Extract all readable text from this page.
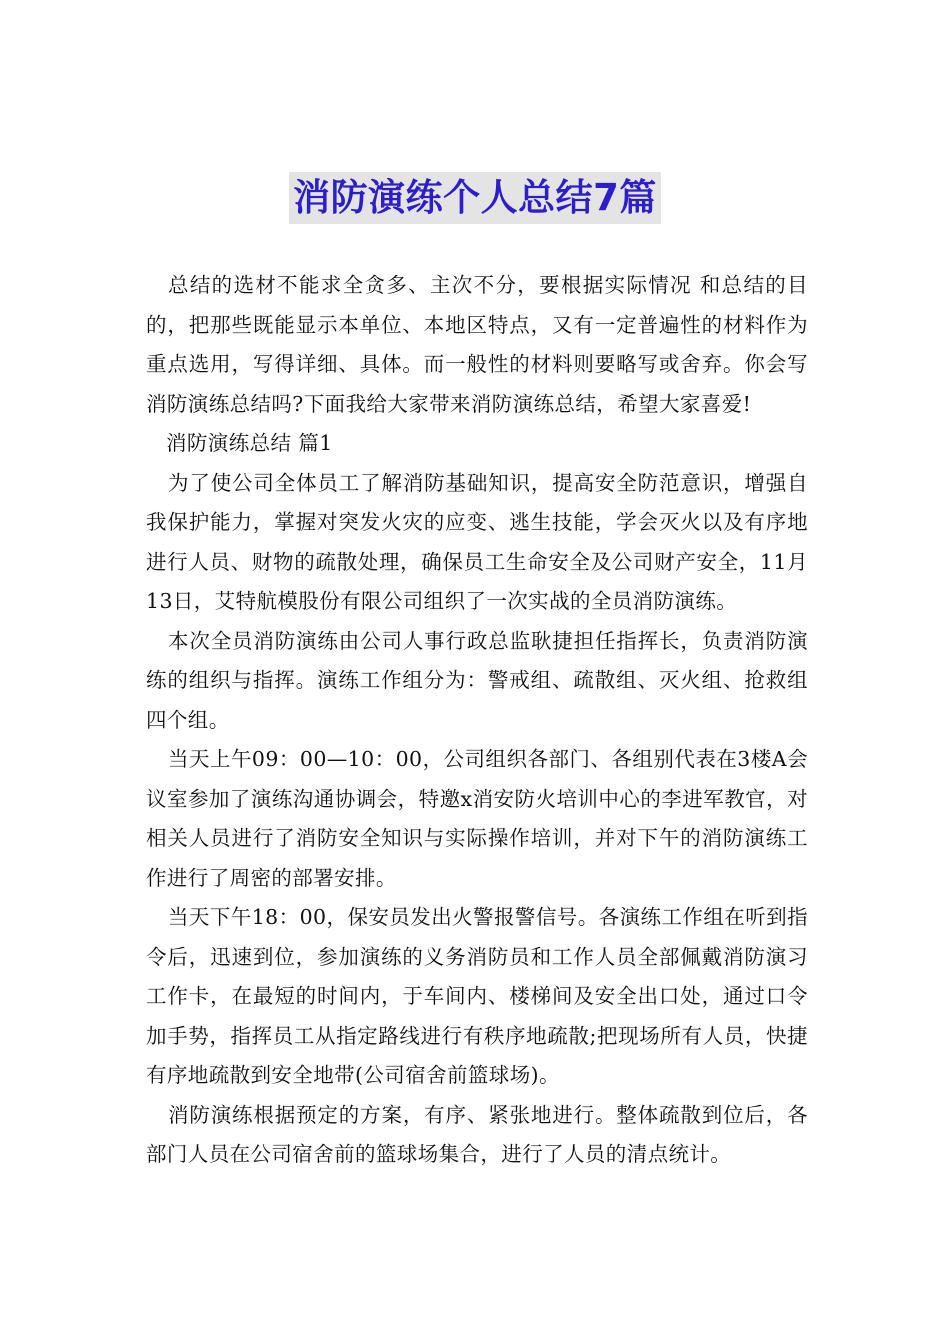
消防演练个人总结7篇

总结的选材不能求全贪多、主次不分，要根据实际情况 和总结的目的，把那些既能显示本单位、本地区特点，又有一定普遍性的材料作为重点选用，写得详细、具体。而一般性的材料则要略写或舍弃。你会写消防演练总结吗?下面我给大家带来消防演练总结，希望大家喜爱!

消防演练总结 篇1

为了使公司全体员工了解消防基础知识，提高安全防范意识，增强自我保护能力，掌握对突发火灾的应变、逃生技能，学会灭火以及有序地进行人员、财物的疏散处理，确保员工生命安全及公司财产安全，11月13日，艾特航模股份有限公司组织了一次实战的全员消防演练。

本次全员消防演练由公司人事行政总监耿捷担任指挥长，负责消防演练的组织与指挥。演练工作组分为：警戒组、疏散组、灭火组、抢救组四个组。

当天上午09：00—10：00，公司组织各部门、各组别代表在3楼A会议室参加了演练沟通协调会，特邀x消安防火培训中心的李进军教官，对相关人员进行了消防安全知识与实际操作培训，并对下午的消防演练工作进行了周密的部署安排。

当天下午18：00，保安员发出火警报警信号。各演练工作组在听到指令后，迅速到位，参加演练的义务消防员和工作人员全部佩戴消防演习工作卡，在最短的时间内，于车间内、楼梯间及安全出口处，通过口令加手势，指挥员工从指定路线进行有秩序地疏散;把现场所有人员，快捷有序地疏散到安全地带(公司宿舍前篮球场)。

消防演练根据预定的方案，有序、紧张地进行。整体疏散到位后，各部门人员在公司宿舍前的篮球场集合，进行了人员的清点统计。
